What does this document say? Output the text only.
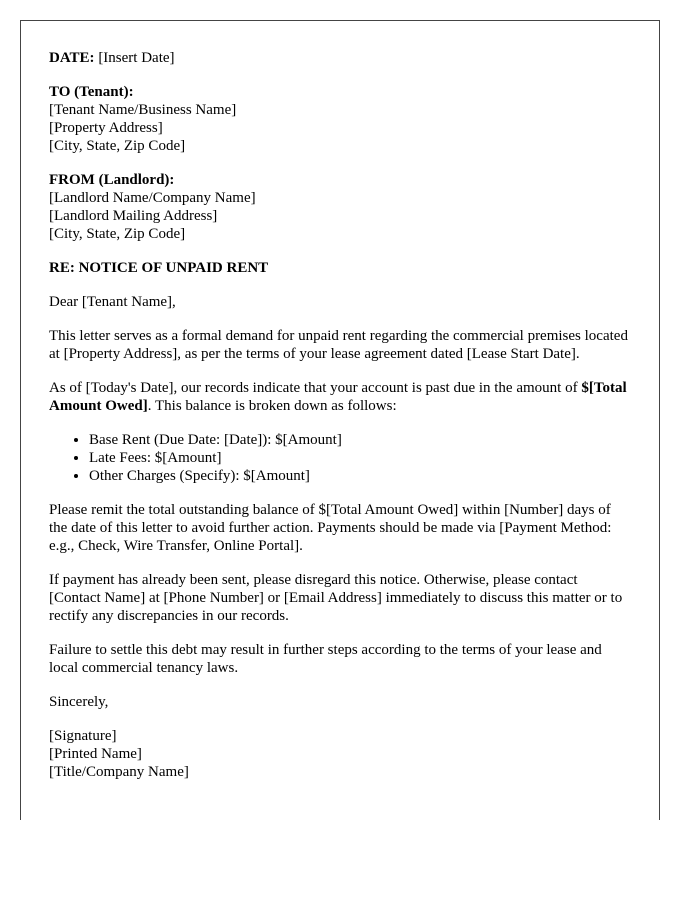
DATE: [Insert Date]

TO (Tenant):
[Tenant Name/Business Name]
[Property Address]
[City, State, Zip Code]
FROM (Landlord):
[Landlord Name/Company Name]
[Landlord Mailing Address]
[City, State, Zip Code]

RE: NOTICE OF UNPAID RENT

Dear [Tenant Name],

This letter serves as a formal demand for unpaid rent regarding the commercial premises located at [Property Address], as per the terms of your lease agreement dated [Lease Start Date].

As of [Today's Date], our records indicate that your account is past due in the amount of $[Total Amount Owed]. This balance is broken down as follows:

• Base Rent (Due Date: [Date]): $[Amount]
• Late Fees: $[Amount]
• Other Charges (Specify): $[Amount]

Please remit the total outstanding balance of $[Total Amount Owed] within [Number] days of the date of this letter to avoid further action. Payments should be made via [Payment Method: e.g., Check, Wire Transfer, Online Portal].

If payment has already been sent, please disregard this notice. Otherwise, please contact [Contact Name] at [Phone Number] or [Email Address] immediately to discuss this matter or to rectify any discrepancies in our records.

Failure to settle this debt may result in further steps according to the terms of your lease and local commercial tenancy laws.

Sincerely,

[Signature]
[Printed Name]
[Title/Company Name]
